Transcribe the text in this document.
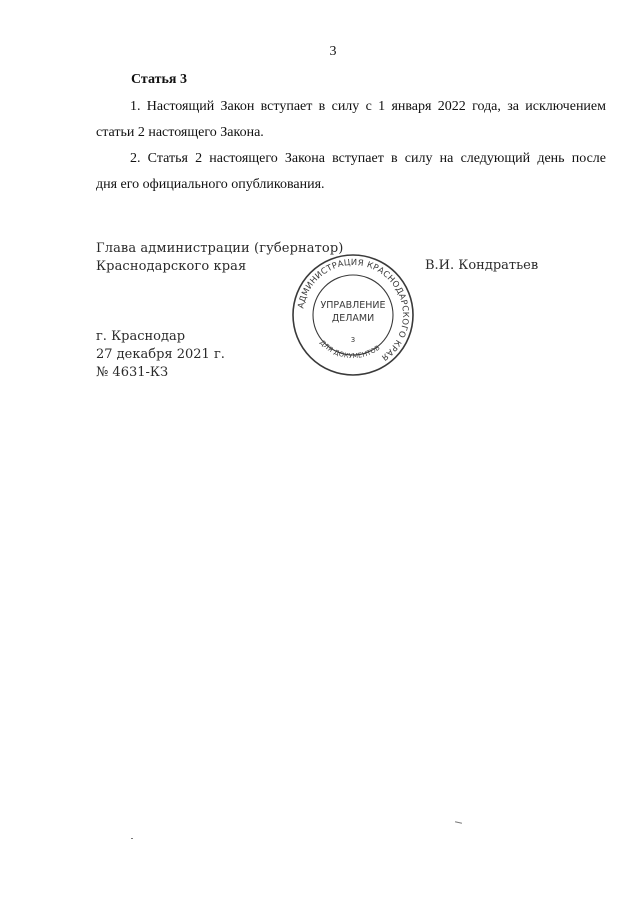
3
Статья 3
1. Настоящий Закон вступает в силу с 1 января 2022 года, за исключением
статьи 2 настоящего Закона.
2. Статья 2 настоящего Закона вступает в силу на следующий день после
дня его официального опубликования.
Глава администрации (губернатор)
Краснодарского края	В.И. Кондратьев
г. Краснодар
27 декабря 2021 г.
№ 4631-КЗ
АДМИНИСТРАЦИЯ КРАСНОДАРСКОГО КРАЯ
ДЛЯ ДОКУМЕНТОВ
УПРАВЛЕНИЕ
ДЕЛАМИ
3
